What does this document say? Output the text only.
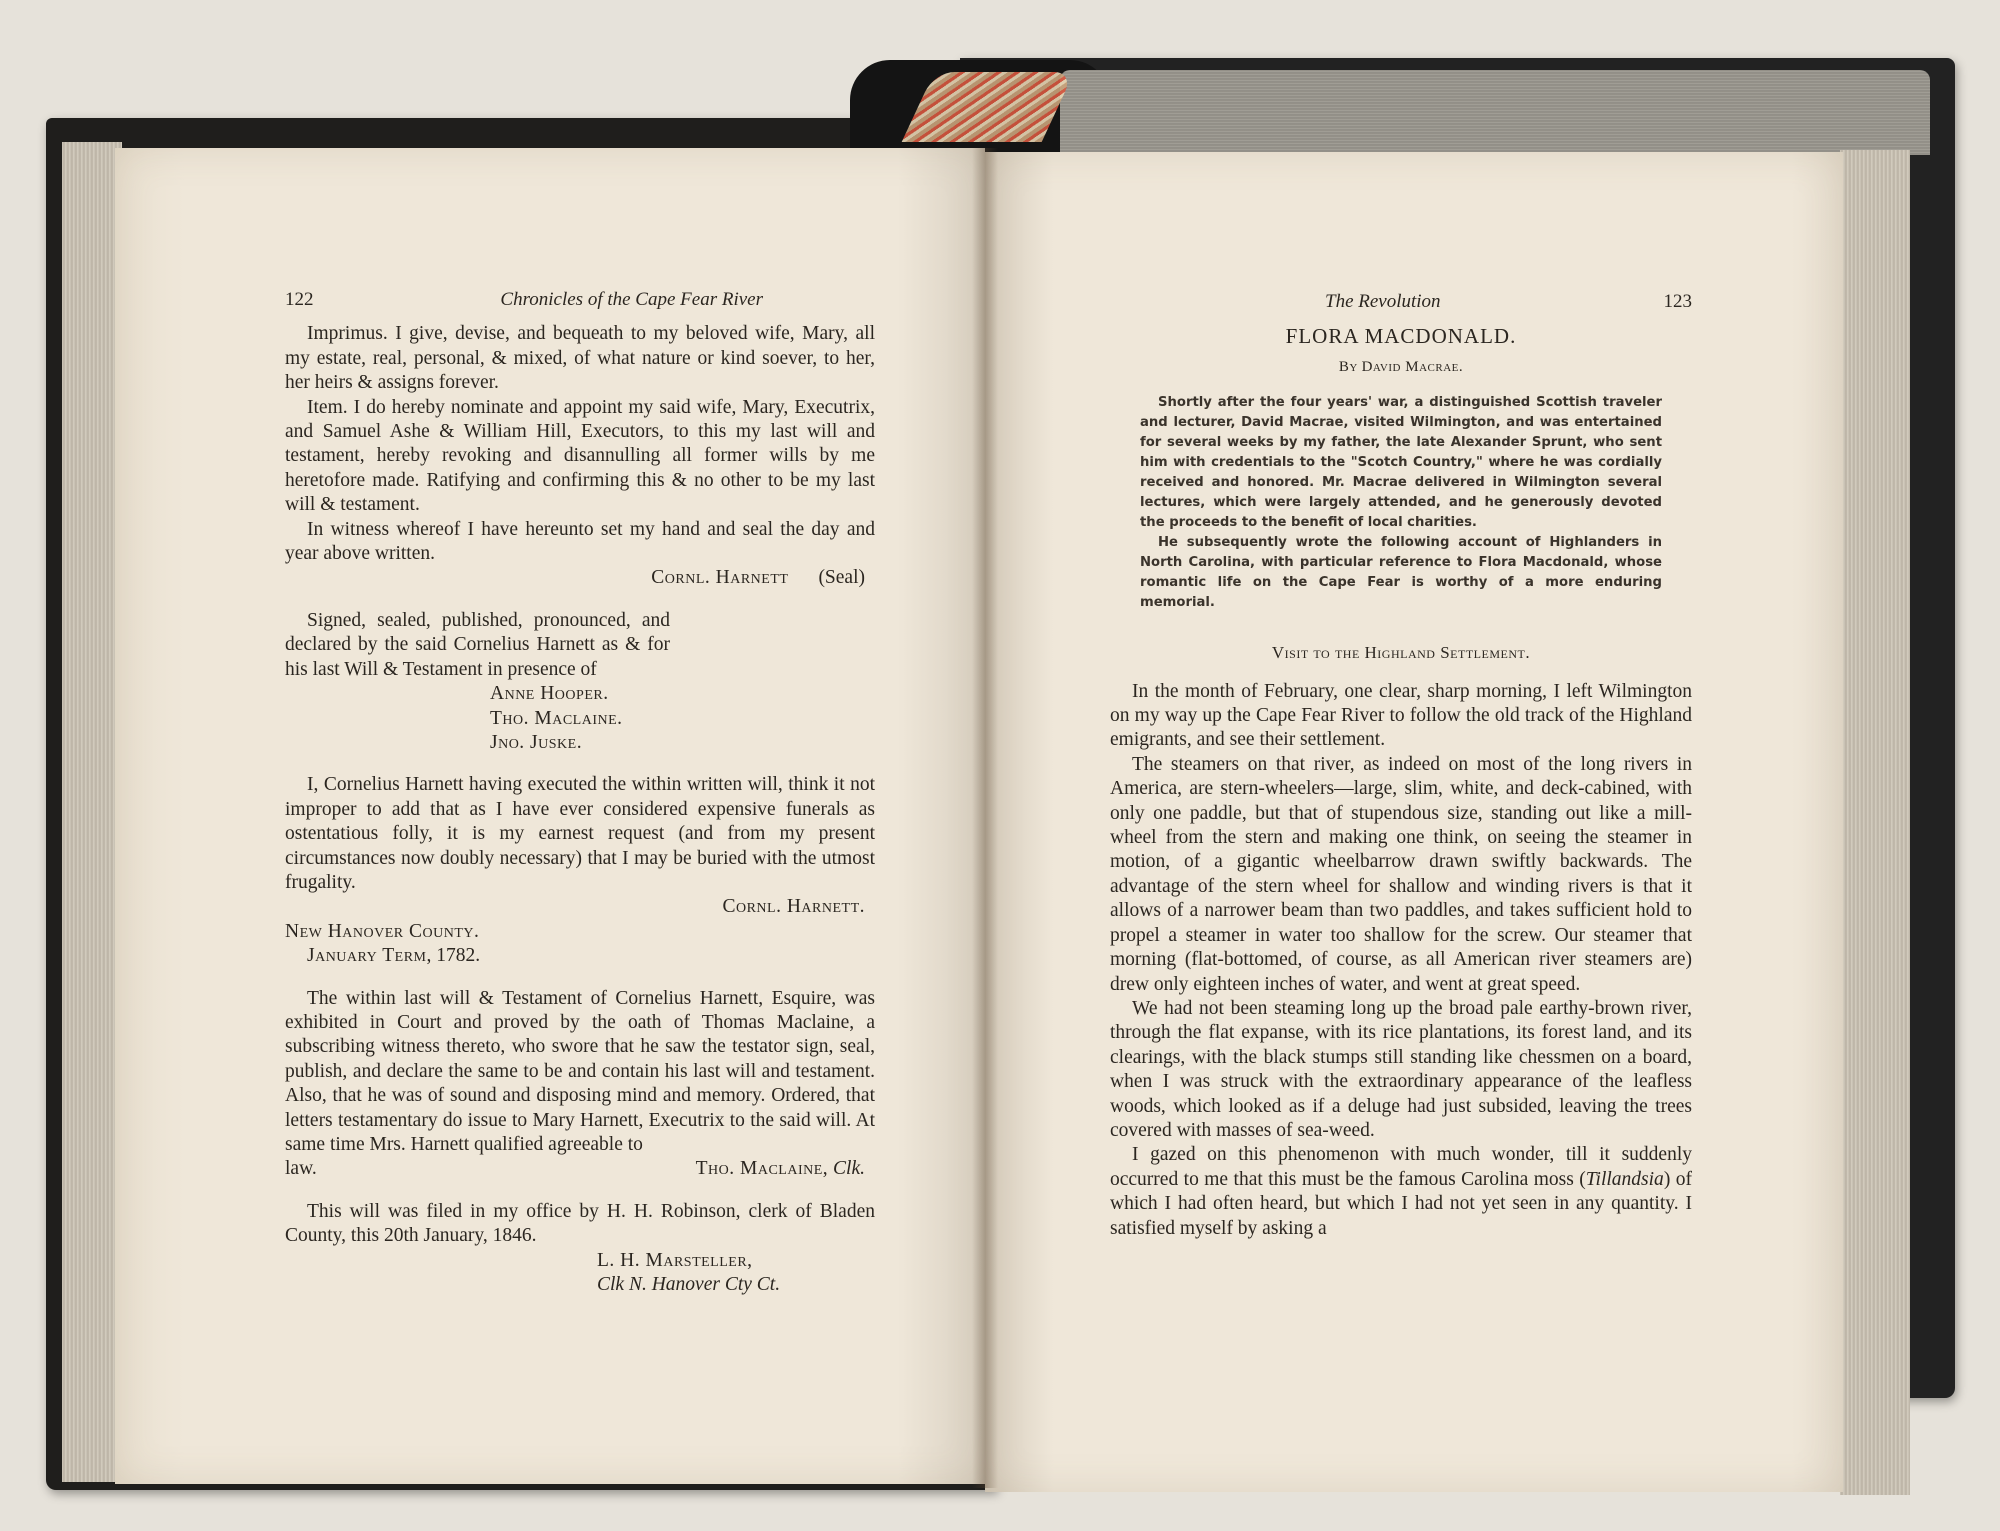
122	Chronicles of the Cape Fear River

Imprimus. I give, devise, and bequeath to my beloved wife, Mary, all my estate, real, personal, & mixed, of what nature or kind soever, to her, her heirs & assigns forever.

Item. I do hereby nominate and appoint my said wife, Mary, Executrix, and Samuel Ashe & William Hill, Executors, to this my last will and testament, hereby revoking and disannulling all former wills by me heretofore made. Ratifying and confirming this & no other to be my last will & testament.

In witness whereof I have hereunto set my hand and seal the day and year above written.

Cornl. Harnett (Seal)

Signed, sealed, published, pronounced, and declared by the said Cornelius Harnett as & for his last Will & Testament in presence of

Anne Hooper.

Tho. Maclaine.

Jno. Juske.

I, Cornelius Harnett having executed the within written will, think it not improper to add that as I have ever considered expensive funerals as ostentatious folly, it is my earnest request (and from my present circumstances now doubly necessary) that I may be buried with the utmost frugality.

Cornl. Harnett.

New Hanover County.

January Term, 1782.

The within last will & Testament of Cornelius Harnett, Esquire, was exhibited in Court and proved by the oath of Thomas Maclaine, a subscribing witness thereto, who swore that he saw the testator sign, seal, publish, and declare the same to be and contain his last will and testament. Also, that he was of sound and disposing mind and memory. Ordered, that letters testamentary do issue to Mary Harnett, Executrix to the said will. At same time Mrs. Harnett qualified agreeable to

law.	Tho. Maclaine, Clk.

This will was filed in my office by H. H. Robinson, clerk of Bladen County, this 20th January, 1846.

L. H. Marsteller,

Clk N. Hanover Cty Ct.

The Revolution	123
FLORA MACDONALD.
By David Macrae.

Shortly after the four years' war, a distinguished Scottish traveler and lecturer, David Macrae, visited Wilmington, and was entertained for several weeks by my father, the late Alexander Sprunt, who sent him with credentials to the "Scotch Country," where he was cordially received and honored. Mr. Macrae delivered in Wilmington several lectures, which were largely attended, and he generously devoted the proceeds to the benefit of local charities.

He subsequently wrote the following account of Highlanders in North Carolina, with particular reference to Flora Macdonald, whose romantic life on the Cape Fear is worthy of a more enduring memorial.

Visit to the Highland Settlement.

In the month of February, one clear, sharp morning, I left Wilmington on my way up the Cape Fear River to follow the old track of the Highland emigrants, and see their settlement.

The steamers on that river, as indeed on most of the long rivers in America, are stern-wheelers—large, slim, white, and deck-cabined, with only one paddle, but that of stupendous size, standing out like a mill-wheel from the stern and making one think, on seeing the steamer in motion, of a gigantic wheelbarrow drawn swiftly backwards. The advantage of the stern wheel for shallow and winding rivers is that it allows of a narrower beam than two paddles, and takes sufficient hold to propel a steamer in water too shallow for the screw. Our steamer that morning (flat-bottomed, of course, as all American river steamers are) drew only eighteen inches of water, and went at great speed.

We had not been steaming long up the broad pale earthy-brown river, through the flat expanse, with its rice plantations, its forest land, and its clearings, with the black stumps still standing like chessmen on a board, when I was struck with the extraordinary appearance of the leafless woods, which looked as if a deluge had just subsided, leaving the trees covered with masses of sea-weed.

I gazed on this phenomenon with much wonder, till it suddenly occurred to me that this must be the famous Carolina moss (Tillandsia) of which I had often heard, but which I had not yet seen in any quantity. I satisfied myself by asking a
